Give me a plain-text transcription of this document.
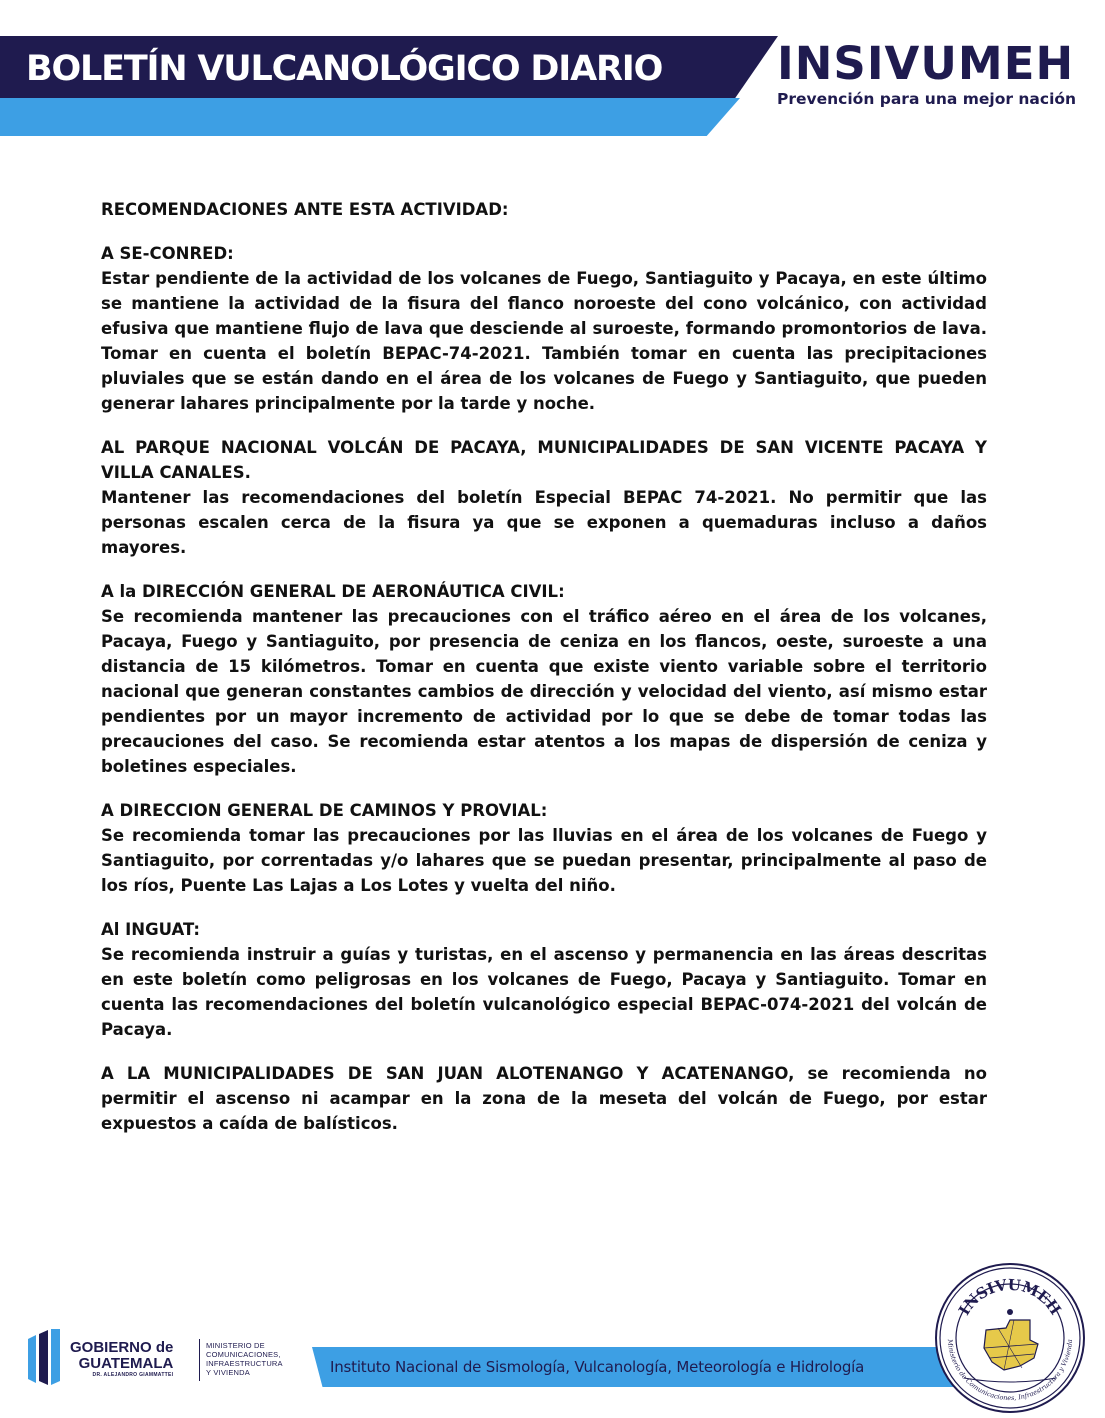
BOLETÍN VULCANOLÓGICO DIARIO	INSIVUMEH
Prevención para una mejor nación

RECOMENDACIONES ANTE ESTA ACTIVIDAD:

A SE-CONRED:

Estar pendiente de la actividad de los volcanes de Fuego, Santiaguito y Pacaya, en este último se mantiene la actividad de la fisura del flanco noroeste del cono volcánico, con actividad efusiva que mantiene flujo de lava que desciende al suroeste, formando promontorios de lava. Tomar en cuenta el boletín BEPAC-74-2021. También tomar en cuenta las precipitaciones pluviales que se están dando en el área de los volcanes de Fuego y Santiaguito, que pueden generar lahares principalmente por la tarde y noche.

AL PARQUE NACIONAL VOLCÁN DE PACAYA, MUNICIPALIDADES DE SAN VICENTE PACAYA Y VILLA CANALES.

Mantener las recomendaciones del boletín Especial BEPAC 74-2021. No permitir que las personas escalen cerca de la fisura ya que se exponen a quemaduras incluso a daños mayores.

A la DIRECCIÓN GENERAL DE AERONÁUTICA CIVIL:

Se recomienda mantener las precauciones con el tráfico aéreo en el área de los volcanes, Pacaya, Fuego y Santiaguito, por presencia de ceniza en los flancos, oeste, suroeste a una distancia de 15 kilómetros. Tomar en cuenta que existe viento variable sobre el territorio nacional que generan constantes cambios de dirección y velocidad del viento, así mismo estar pendientes por un mayor incremento de actividad por lo que se debe de tomar todas las precauciones del caso. Se recomienda estar atentos a los mapas de dispersión de ceniza y boletines especiales.

A DIRECCION GENERAL DE CAMINOS Y PROVIAL:

Se recomienda tomar las precauciones por las lluvias en el área de los volcanes de Fuego y Santiaguito, por correntadas y/o lahares que se puedan presentar, principalmente al paso de los ríos, Puente Las Lajas a Los Lotes y vuelta del niño.

Al INGUAT:

Se recomienda instruir a guías y turistas, en el ascenso y permanencia en las áreas descritas en este boletín como peligrosas en los volcanes de Fuego, Pacaya y Santiaguito. Tomar en cuenta las recomendaciones del boletín vulcanológico especial BEPAC-074-2021 del volcán de Pacaya.

A LA MUNICIPALIDADES DE SAN JUAN ALOTENANGO Y ACATENANGO, se recomienda no permitir el ascenso ni acampar en la zona de la meseta del volcán de Fuego, por estar expuestos a caída de balísticos.

GOBIERNO de
GUATEMALA
DR. ALEJANDRO GIAMMATTEI
MINISTERIO DE
COMUNICACIONES,
INFRAESTRUCTURA
Y VIVIENDA	Instituto Nacional de Sismología, Vulcanología, Meteorología e Hidrología
INSIVUMEH
Ministerio de Comunicaciones, Infraestructura y Vivienda
